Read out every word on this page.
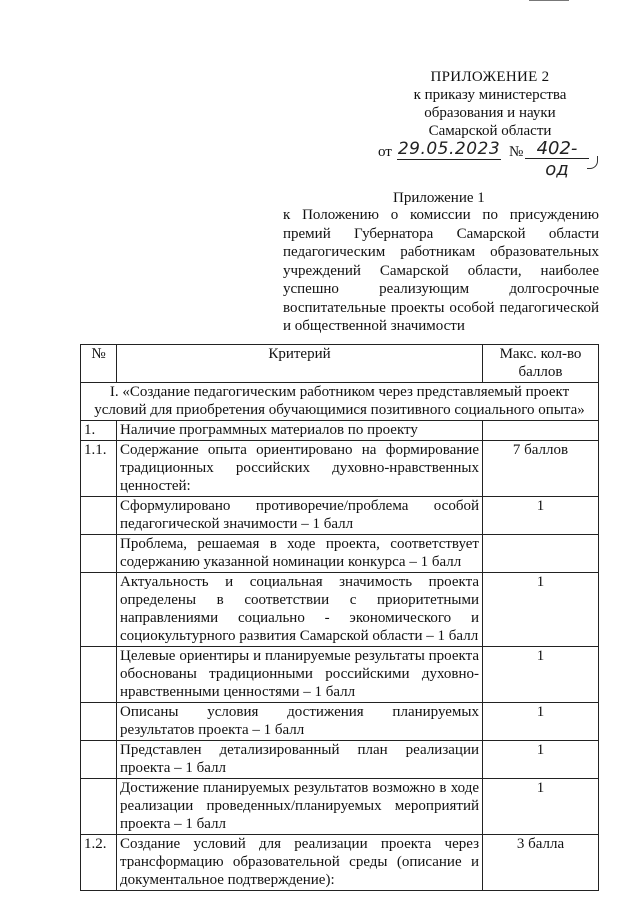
ПРИЛОЖЕНИЕ 2
к приказу министерства
образования и науки
Самарской области
от 29.05.2023 № 402-од
Приложение 1
к Положению о комиссии по присуждению премий Губернатора Самарской области педагогическим работникам образовательных учреждений Самарской области, наиболее успешно реализующим долгосрочные воспитательные проекты особой педагогической и общественной значимости
№	Критерий	Макс. кол-во баллов
I. «Создание педагогическим работником через представляемый проект условий для приобретения обучающимися позитивного социального опыта»		
1.	Наличие программных материалов по проекту	
1.1.	Содержание опыта ориентировано на формирование традиционных российских духовно-нравственных ценностей:	7 баллов
	Сформулировано противоречие/проблема особой педагогической значимости – 1 балл	1
	Проблема, решаемая в ходе проекта, соответствует содержанию указанной номинации конкурса – 1 балл	
	Актуальность и социальная значимость проекта определены в соответствии с приоритетными направлениями социально - экономического и социокультурного развития Самарской области – 1 балл	1
	Целевые ориентиры и планируемые результаты проекта обоснованы традиционными российскими духовно-нравственными ценностями – 1 балл	1
	Описаны условия достижения планируемых результатов проекта – 1 балл	1
	Представлен детализированный план реализации проекта – 1 балл	1
	Достижение планируемых результатов возможно в ходе реализации проведенных/планируемых мероприятий проекта – 1 балл	1
1.2.	Создание условий для реализации проекта через трансформацию образовательной среды (описание и документальное подтверждение):	3 балла
